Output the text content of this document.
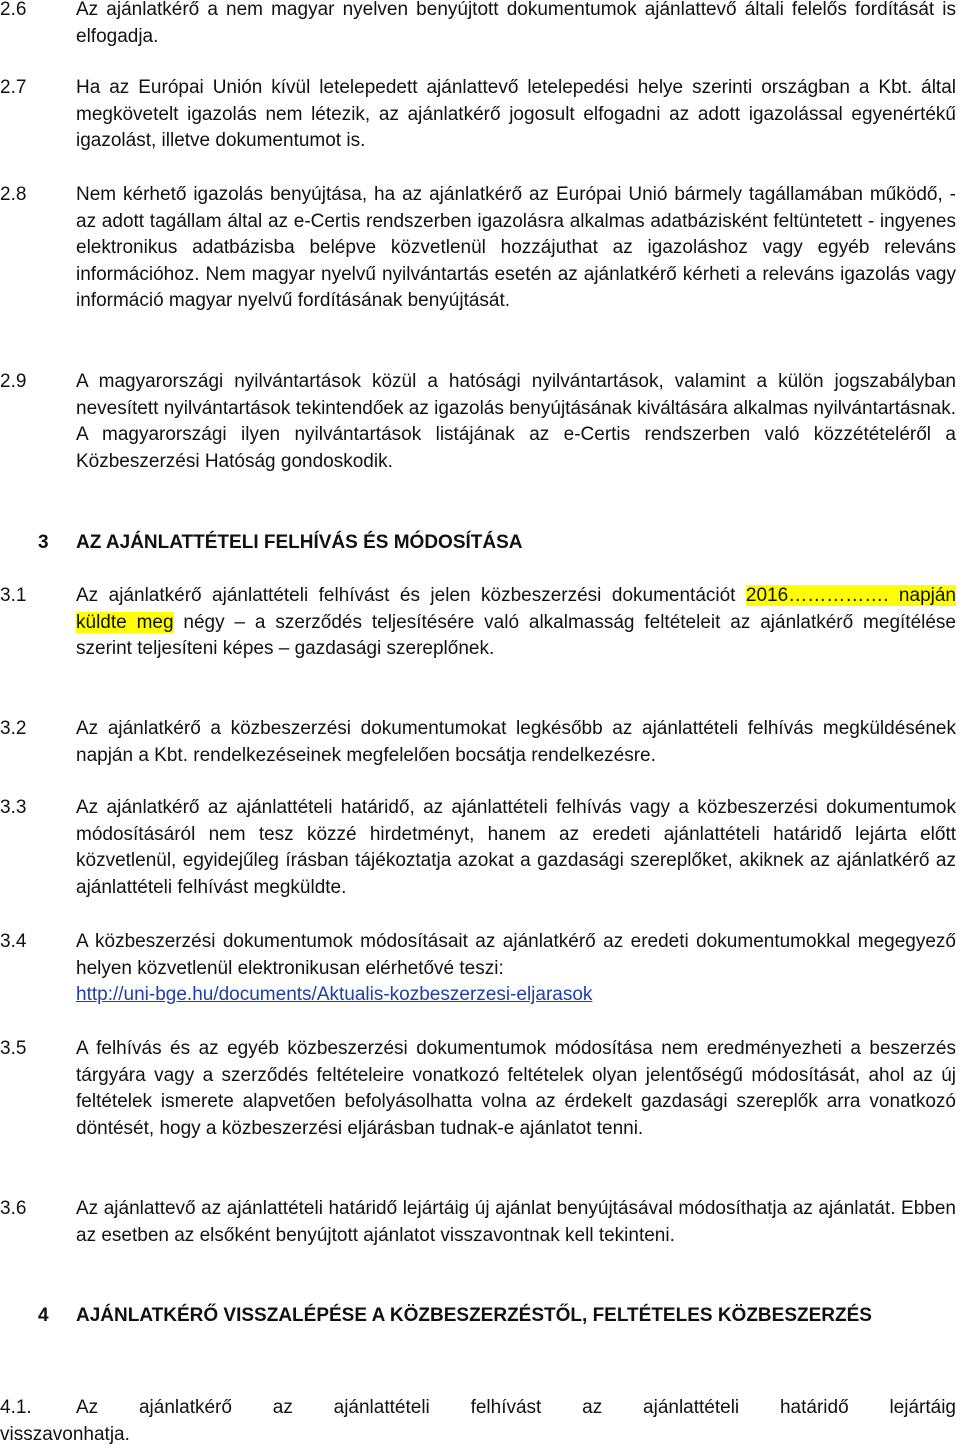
2.6	Az ajánlatkérő a nem magyar nyelven benyújtott dokumentumok ajánlattevő általi felelős fordítását is elfogadja.
2.7	Ha az Európai Unión kívül letelepedett ajánlattevő letelepedési helye szerinti országban a Kbt. által megkövetelt igazolás nem létezik, az ajánlatkérő jogosult elfogadni az adott igazolással egyenértékű igazolást, illetve dokumentumot is.
2.8	Nem kérhető igazolás benyújtása, ha az ajánlatkérő az Európai Unió bármely tagállamában működő, - az adott tagállam által az e-Certis rendszerben igazolásra alkalmas adatbázisként feltüntetett - ingyenes elektronikus adatbázisba belépve közvetlenül hozzájuthat az igazoláshoz vagy egyéb releváns információhoz. Nem magyar nyelvű nyilvántartás esetén az ajánlatkérő kérheti a releváns igazolás vagy információ magyar nyelvű fordításának benyújtását.
2.9	A magyarországi nyilvántartások közül a hatósági nyilvántartások, valamint a külön jogszabályban nevesített nyilvántartások tekintendőek az igazolás benyújtásának kiváltására alkalmas nyilvántartásnak. A magyarországi ilyen nyilvántartások listájának az e-Certis rendszerben való közzétételéről a Közbeszerzési Hatóság gondoskodik.
3 AZ AJÁNLATTÉTELI FELHÍVÁS ÉS MÓDOSÍTÁSA
3.1	Az ajánlatkérő ajánlattételi felhívást és jelen közbeszerzési dokumentációt 2016……………. napján küldte meg négy – a szerződés teljesítésére való alkalmasság feltételeit az ajánlatkérő megítélése szerint teljesíteni képes – gazdasági szereplőnek.
3.2	Az ajánlatkérő a közbeszerzési dokumentumokat legkésőbb az ajánlattételi felhívás megküldésének napján a Kbt. rendelkezéseinek megfelelően bocsátja rendelkezésre.
3.3	Az ajánlatkérő az ajánlattételi határidő, az ajánlattételi felhívás vagy a közbeszerzési dokumentumok módosításáról nem tesz közzé hirdetményt, hanem az eredeti ajánlattételi határidő lejárta előtt közvetlenül, egyidejűleg írásban tájékoztatja azokat a gazdasági szereplőket, akiknek az ajánlatkérő az ajánlattételi felhívást megküldte.
3.4	A közbeszerzési dokumentumok módosításait az ajánlatkérő az eredeti dokumentumokkal megegyező helyen közvetlenül elektronikusan elérhetővé teszi:
http://uni-bge.hu/documents/Aktualis-kozbeszerzesi-eljarasok
3.5	A felhívás és az egyéb közbeszerzési dokumentumok módosítása nem eredményezheti a beszerzés tárgyára vagy a szerződés feltételeire vonatkozó feltételek olyan jelentőségű módosítását, ahol az új feltételek ismerete alapvetően befolyásolhatta volna az érdekelt gazdasági szereplők arra vonatkozó döntését, hogy a közbeszerzési eljárásban tudnak-e ajánlatot tenni.
3.6	Az ajánlattevő az ajánlattételi határidő lejártáig új ajánlat benyújtásával módosíthatja az ajánlatát. Ebben az esetben az elsőként benyújtott ajánlatot visszavontnak kell tekinteni.
4 AJÁNLATKÉRŐ VISSZALÉPÉSE A KÖZBESZERZÉSTŐL, FELTÉTELES KÖZBESZERZÉS
4.1. Az ajánlatkérő az ajánlattételi felhívást az ajánlattételi határidő lejártáig
visszavonhatja.
